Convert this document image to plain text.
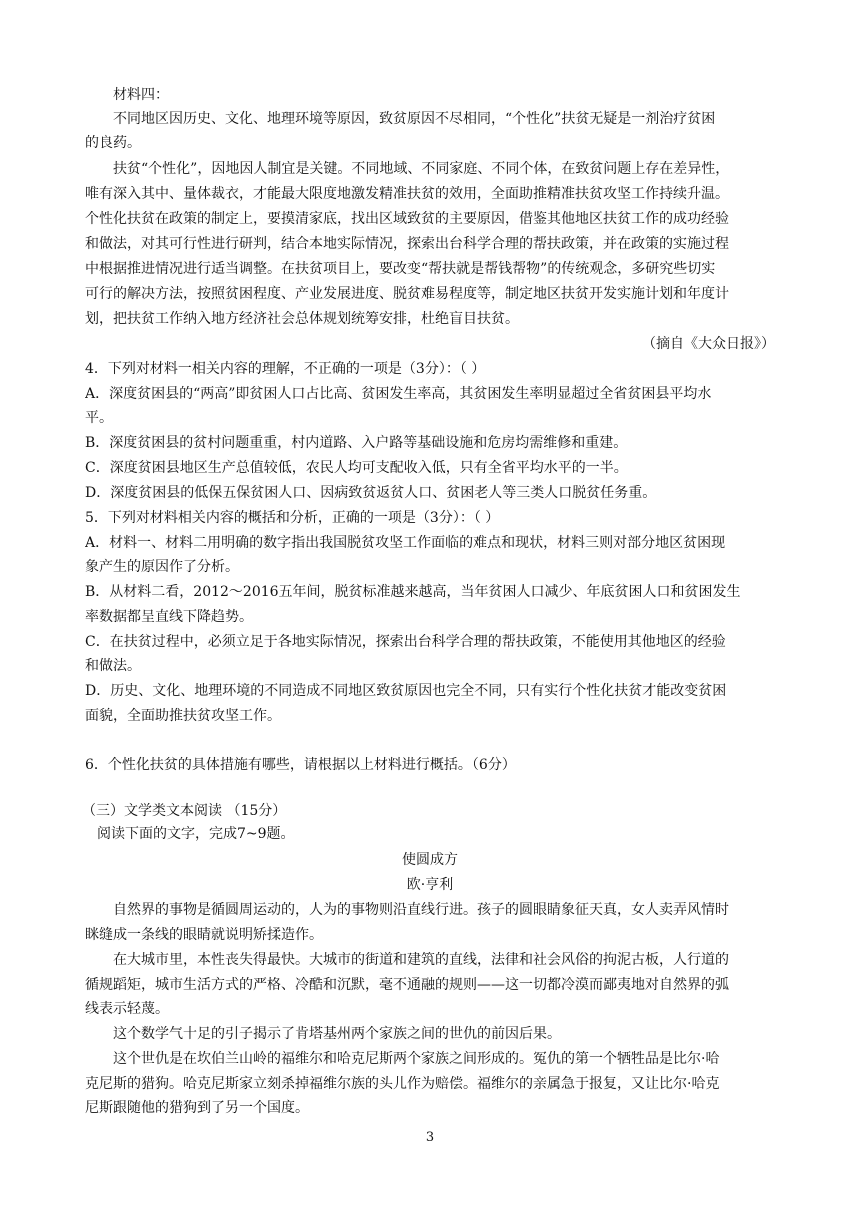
材料四：
不同地区因历史、文化、地理环境等原因，致贫原因不尽相同，“个性化”扶贫无疑是一剂治疗贫困
的良药。
扶贫“个性化”，因地因人制宜是关键。不同地域、不同家庭、不同个体，在致贫问题上存在差异性，
唯有深入其中、量体裁衣，才能最大限度地激发精准扶贫的效用，全面助推精准扶贫攻坚工作持续升温。
个性化扶贫在政策的制定上，要摸清家底，找出区域致贫的主要原因，借鉴其他地区扶贫工作的成功经验
和做法，对其可行性进行研判，结合本地实际情况，探索出台科学合理的帮扶政策，并在政策的实施过程
中根据推进情况进行适当调整。在扶贫项目上，要改变“帮扶就是帮钱帮物”的传统观念，多研究些切实
可行的解决方法，按照贫困程度、产业发展进度、脱贫难易程度等，制定地区扶贫开发实施计划和年度计
划，把扶贫工作纳入地方经济社会总体规划统筹安排，杜绝盲目扶贫。
（摘自《大众日报》）
4．下列对材料一相关内容的理解，不正确的一项是（3分）：（ ）
A．深度贫困县的“两高”即贫困人口占比高、贫困发生率高，其贫困发生率明显超过全省贫困县平均水
平。
B．深度贫困县的贫村问题重重，村内道路、入户路等基础设施和危房均需维修和重建。
C．深度贫困县地区生产总值较低，农民人均可支配收入低，只有全省平均水平的一半。
D．深度贫困县的低保五保贫困人口、因病致贫返贫人口、贫困老人等三类人口脱贫任务重。
5．下列对材料相关内容的概括和分析，正确的一项是（3分）：（ ）
A．材料一、材料二用明确的数字指出我国脱贫攻坚工作面临的难点和现状，材料三则对部分地区贫困现
象产生的原因作了分析。
B．从材料二看，2012～2016五年间，脱贫标准越来越高，当年贫困人口减少、年底贫困人口和贫困发生
率数据都呈直线下降趋势。
C．在扶贫过程中，必须立足于各地实际情况，探索出台科学合理的帮扶政策，不能使用其他地区的经验
和做法。
D．历史、文化、地理环境的不同造成不同地区致贫原因也完全不同，只有实行个性化扶贫才能改变贫困
面貌，全面助推扶贫攻坚工作。
6．个性化扶贫的具体措施有哪些，请根据以上材料进行概括。（6分）
（三）文学类文本阅读 （15分）
阅读下面的文字，完成7~9题。
使圆成方
欧·亨利
自然界的事物是循圆周运动的，人为的事物则沿直线行进。孩子的圆眼睛象征天真，女人卖弄风情时
眯缝成一条线的眼睛就说明矫揉造作。
在大城市里，本性丧失得最快。大城市的街道和建筑的直线，法律和社会风俗的拘泥古板，人行道的
循规蹈矩，城市生活方式的严格、冷酷和沉默，毫不通融的规则——这一切都冷漠而鄙夷地对自然界的弧
线表示轻蔑。
这个数学气十足的引子揭示了肯塔基州两个家族之间的世仇的前因后果。
这个世仇是在坎伯兰山岭的福维尔和哈克尼斯两个家族之间形成的。冤仇的第一个牺牲品是比尔·哈
克尼斯的猎狗。哈克尼斯家立刻杀掉福维尔族的头儿作为赔偿。福维尔的亲属急于报复，又让比尔·哈克
尼斯跟随他的猎狗到了另一个国度。
3
